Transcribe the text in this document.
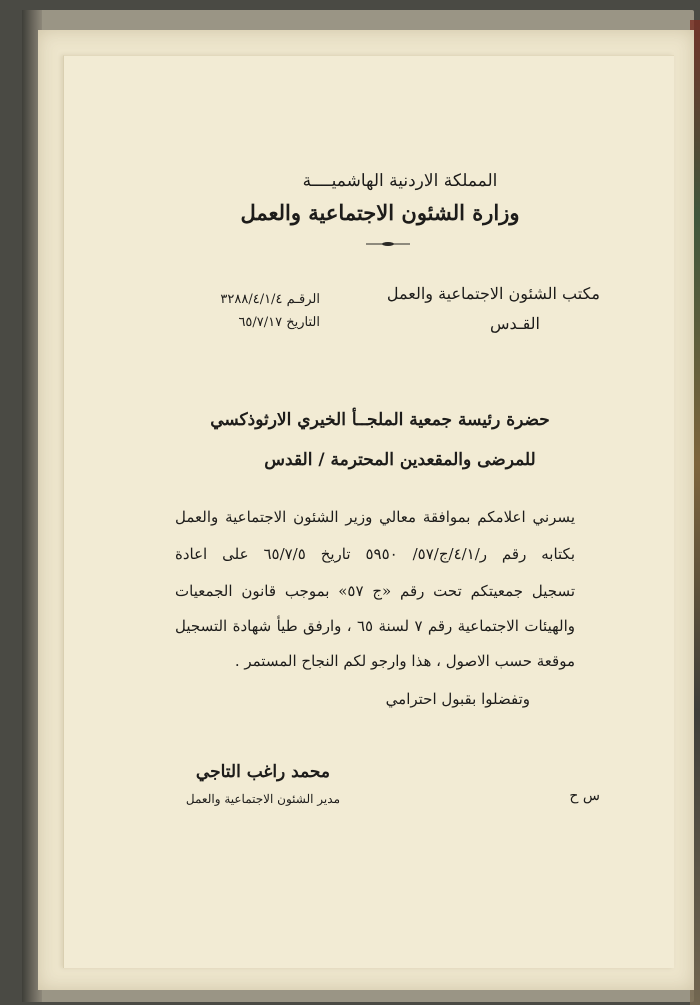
المملكة الاردنية الهاشميــــة
وزارة الشئون الاجتماعية والعمل
مكتب الشئون الاجتماعية والعمل
القـدس
الرقـم ٣٢٨٨/٤/١/٤
التاريخ ٦٥/٧/١٧
حضرة رئيسة جمعية الملجــأ الخيري الارثوذكسي
للمرضى والمقعدين المحترمة / القدس
يسرني اعلامكم بموافقة معالي وزير الشئون الاجتماعية والعمل
بكتابه رقم ر/٤/١/ج/٥٧/ ٥٩٥٠ تاريخ ٦٥/٧/٥ على اعادة
تسجيل جمعيتكم تحت رقم «ج ٥٧» بموجب قانون الجمعيات
والهيئات الاجتماعية رقم ٧ لسنة ٦٥ ، وارفق طيأ شهادة التسجيل
موقعة حسب الاصول ، هذا وارجو لكم النجاح المستمر .
وتفضلوا بقبول احترامي
محمد راغب التاجي
مدير الشئون الاجتماعية والعمل	س ح
